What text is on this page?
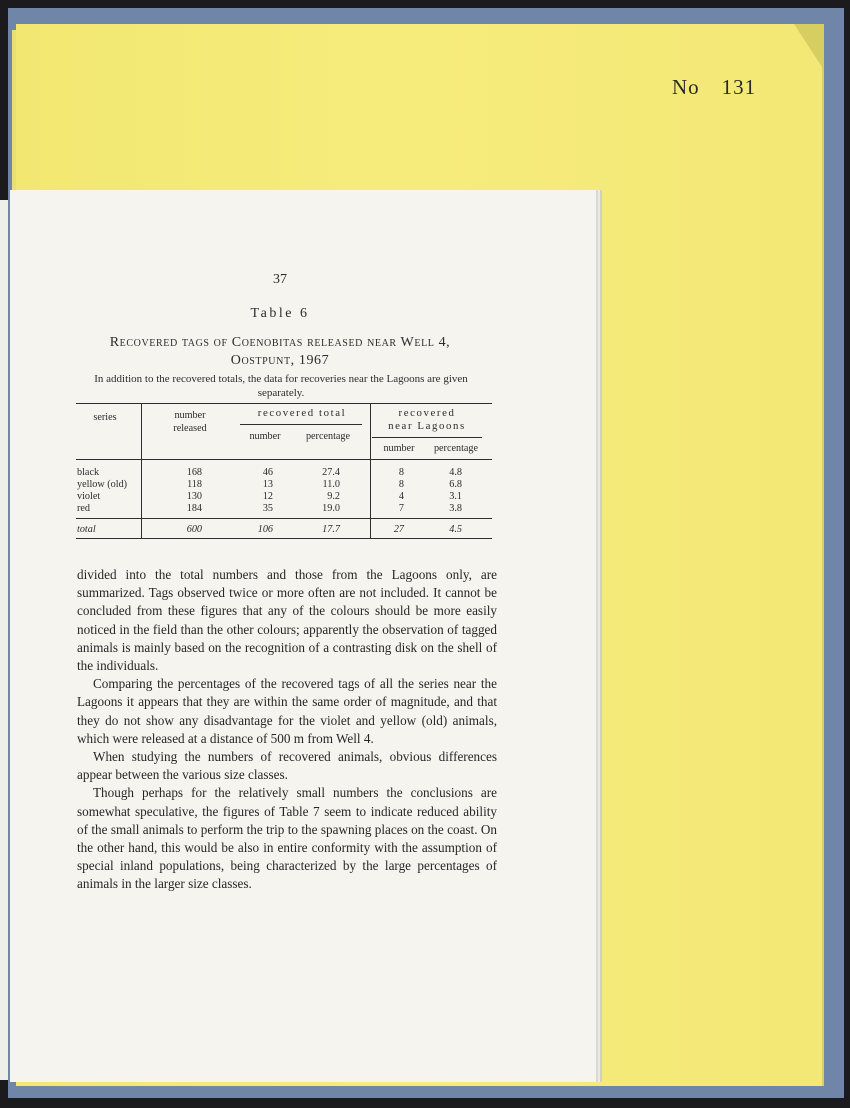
No 131
37
Table 6
Recovered tags of Coenobitas released near Well 4,
Oostpunt, 1967
In addition to the recovered totals, the data for recoveries near the Lagoons are given separately.
series	number
released
recovered total
number	percentage
recovered
near Lagoons
number	percentage
black	168	46	27.4	8	4.8
yellow (old)	118	13	11.0	8	6.8
violet	130	12	9.2	4	3.1
red	184	35	19.0	7	3.8
total	600	106	17.7	27	4.5

divided into the total numbers and those from the Lagoons only, are summarized. Tags observed twice or more often are not included. It cannot be concluded from these figures that any of the colours should be more easily noticed in the field than the other colours; apparently the observation of tagged animals is mainly based on the recognition of a contrasting disk on the shell of the individuals.

Comparing the percentages of the recovered tags of all the series near the Lagoons it appears that they are within the same order of magnitude, and that they do not show any disadvantage for the violet and yellow (old) animals, which were released at a distance of 500 m from Well 4.

When studying the numbers of recovered animals, obvious differences appear between the various size classes.

Though perhaps for the relatively small numbers the conclusions are somewhat speculative, the figures of Table 7 seem to indicate reduced ability of the small animals to perform the trip to the spawning places on the coast. On the other hand, this would be also in entire conformity with the assumption of special inland populations, being characterized by the large percentages of animals in the larger size classes.
